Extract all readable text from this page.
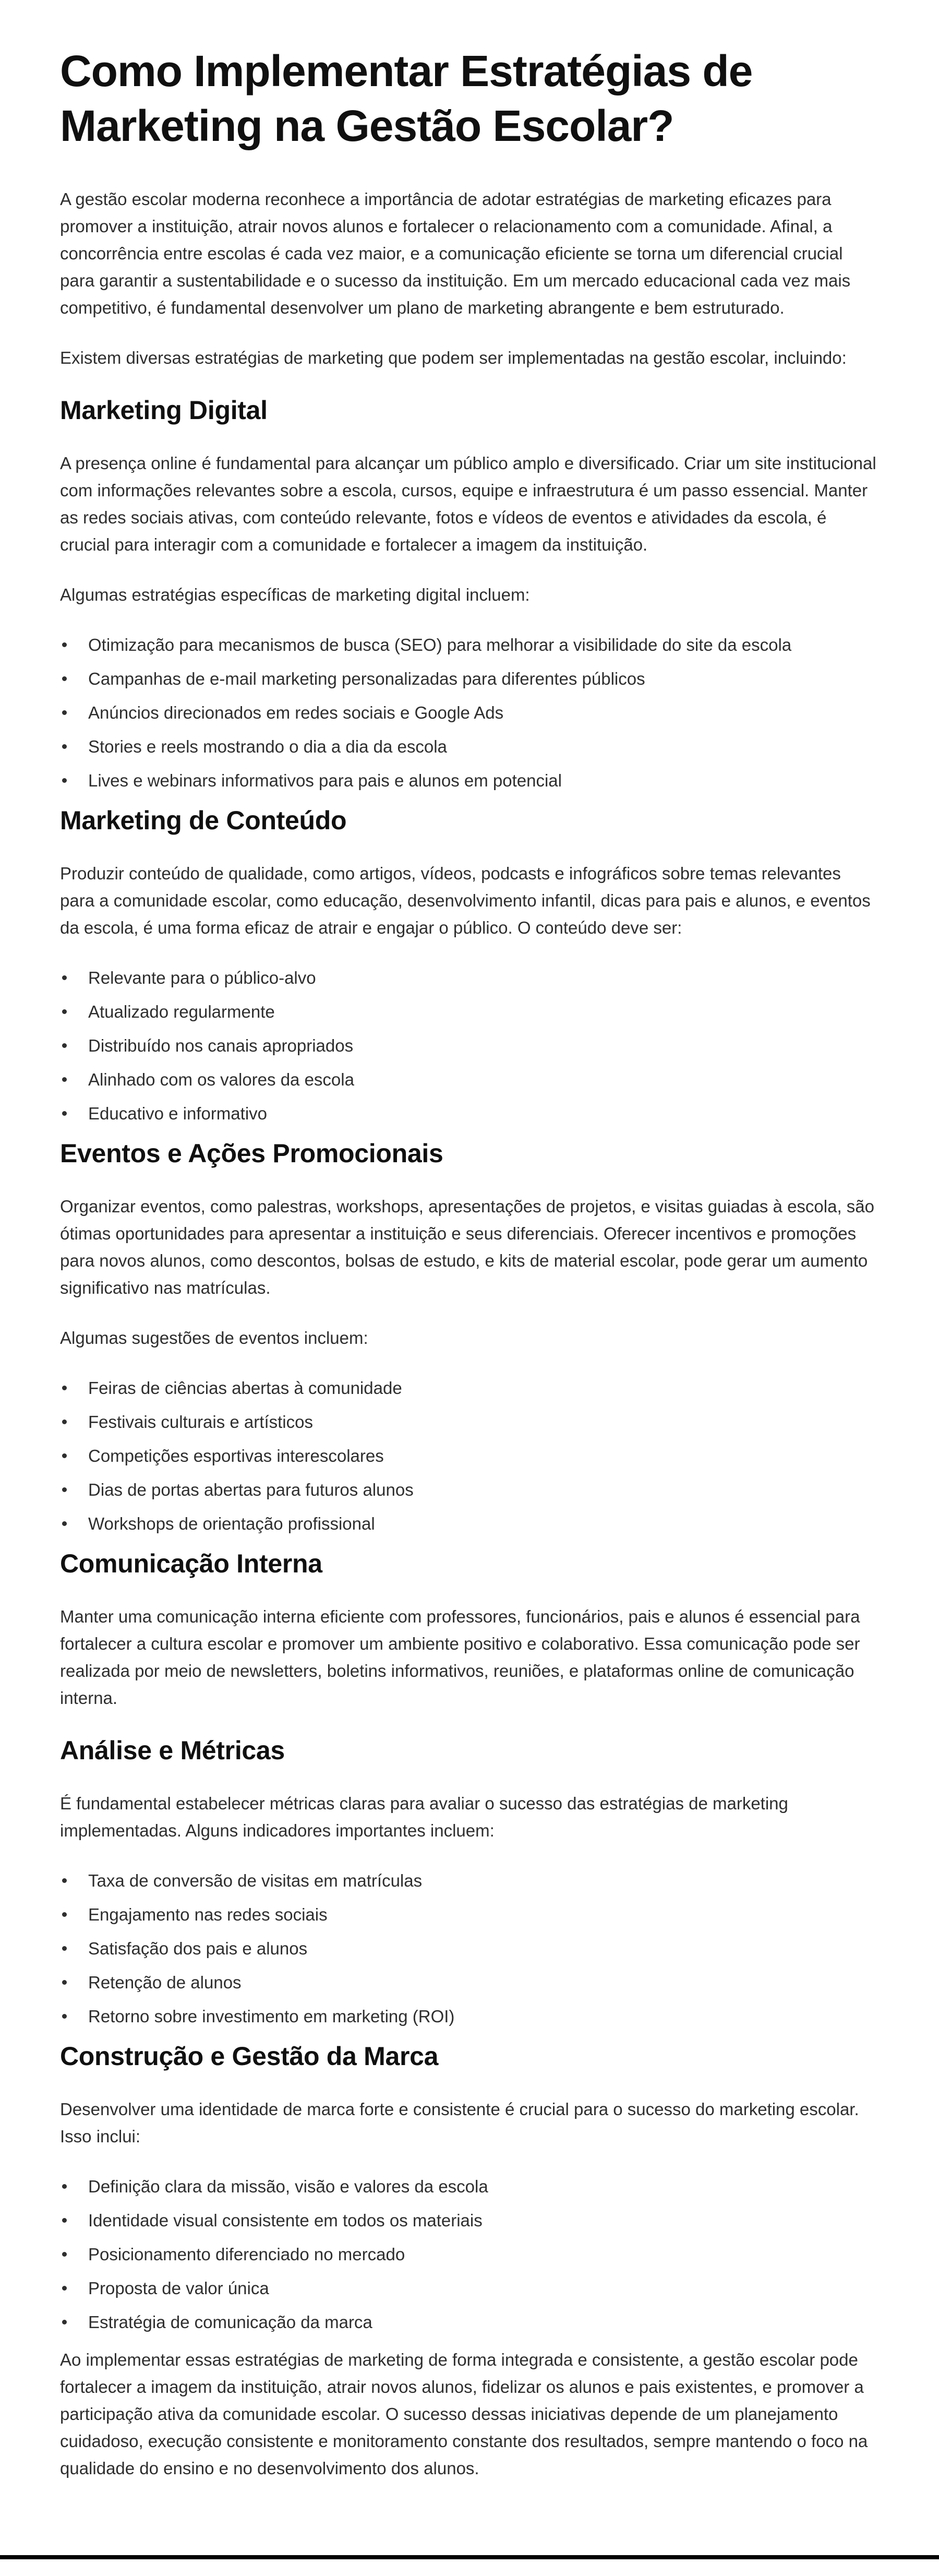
Como Implementar Estratégias de Marketing na Gestão Escolar?

A gestão escolar moderna reconhece a importância de adotar estratégias de marketing eficazes para promover a instituição, atrair novos alunos e fortalecer o relacionamento com a comunidade. Afinal, a concorrência entre escolas é cada vez maior, e a comunicação eficiente se torna um diferencial crucial para garantir a sustentabilidade e o sucesso da instituição. Em um mercado educacional cada vez mais competitivo, é fundamental desenvolver um plano de marketing abrangente e bem estruturado.

Existem diversas estratégias de marketing que podem ser implementadas na gestão escolar, incluindo:

Marketing Digital

A presença online é fundamental para alcançar um público amplo e diversificado. Criar um site institucional com informações relevantes sobre a escola, cursos, equipe e infraestrutura é um passo essencial. Manter as redes sociais ativas, com conteúdo relevante, fotos e vídeos de eventos e atividades da escola, é crucial para interagir com a comunidade e fortalecer a imagem da instituição.

Algumas estratégias específicas de marketing digital incluem:

Otimização para mecanismos de busca (SEO) para melhorar a visibilidade do site da escola
Campanhas de e-mail marketing personalizadas para diferentes públicos
Anúncios direcionados em redes sociais e Google Ads
Stories e reels mostrando o dia a dia da escola
Lives e webinars informativos para pais e alunos em potencial
Marketing de Conteúdo

Produzir conteúdo de qualidade, como artigos, vídeos, podcasts e infográficos sobre temas relevantes para a comunidade escolar, como educação, desenvolvimento infantil, dicas para pais e alunos, e eventos da escola, é uma forma eficaz de atrair e engajar o público. O conteúdo deve ser:

Relevante para o público-alvo
Atualizado regularmente
Distribuído nos canais apropriados
Alinhado com os valores da escola
Educativo e informativo
Eventos e Ações Promocionais

Organizar eventos, como palestras, workshops, apresentações de projetos, e visitas guiadas à escola, são ótimas oportunidades para apresentar a instituição e seus diferenciais. Oferecer incentivos e promoções para novos alunos, como descontos, bolsas de estudo, e kits de material escolar, pode gerar um aumento significativo nas matrículas.

Algumas sugestões de eventos incluem:

Feiras de ciências abertas à comunidade
Festivais culturais e artísticos
Competições esportivas interescolares
Dias de portas abertas para futuros alunos
Workshops de orientação profissional
Comunicação Interna

Manter uma comunicação interna eficiente com professores, funcionários, pais e alunos é essencial para fortalecer a cultura escolar e promover um ambiente positivo e colaborativo. Essa comunicação pode ser realizada por meio de newsletters, boletins informativos, reuniões, e plataformas online de comunicação interna.

Análise e Métricas

É fundamental estabelecer métricas claras para avaliar o sucesso das estratégias de marketing implementadas. Alguns indicadores importantes incluem:

Taxa de conversão de visitas em matrículas
Engajamento nas redes sociais
Satisfação dos pais e alunos
Retenção de alunos
Retorno sobre investimento em marketing (ROI)
Construção e Gestão da Marca

Desenvolver uma identidade de marca forte e consistente é crucial para o sucesso do marketing escolar. Isso inclui:

Definição clara da missão, visão e valores da escola
Identidade visual consistente em todos os materiais
Posicionamento diferenciado no mercado
Proposta de valor única
Estratégia de comunicação da marca

Ao implementar essas estratégias de marketing de forma integrada e consistente, a gestão escolar pode fortalecer a imagem da instituição, atrair novos alunos, fidelizar os alunos e pais existentes, e promover a participação ativa da comunidade escolar. O sucesso dessas iniciativas depende de um planejamento cuidadoso, execução consistente e monitoramento constante dos resultados, sempre mantendo o foco na qualidade do ensino e no desenvolvimento dos alunos.
